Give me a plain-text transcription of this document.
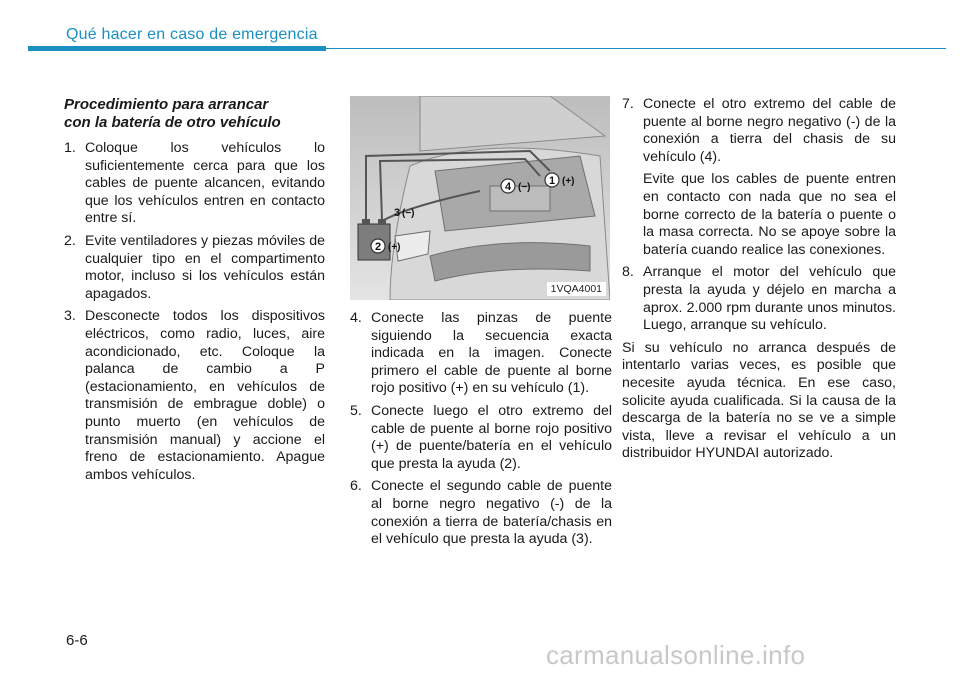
Qué hacer en caso de emergencia
Procedimiento para arrancar
con la batería de otro vehículo
1. Coloque los vehículos lo suficientemente cerca para que los cables de puente alcancen, evitando que los vehículos entren en contacto entre sí.
2. Evite ventiladores y piezas móviles de cualquier tipo en el compartimento motor, incluso si los vehículos están apagados.
3. Desconecte todos los dispositivos eléctricos, como radio, luces, aire acondicionado, etc. Coloque la palanca de cambio a P (estacionamiento, en vehículos de transmisión de embrague doble) o punto muerto (en vehículos de transmisión manual) y accione el freno de estacionamiento. Apague ambos vehículos.
1 (+)
4 (−)
3 (−)
2 (+)
1VQA4001
4. Conecte las pinzas de puente siguiendo la secuencia exacta indicada en la imagen. Conecte primero el cable de puente al borne rojo positivo (+) en su vehículo (1).
5. Conecte luego el otro extremo del cable de puente al borne rojo positivo (+) de puente/batería en el vehículo que presta la ayuda (2).
6. Conecte el segundo cable de puente al borne negro negativo (-) de la conexión a tierra de batería/chasis en el vehículo que presta la ayuda (3).
7. Conecte el otro extremo del cable de puente al borne negro negativo (-) de la conexión a tierra del chasis de su vehículo (4).
Evite que los cables de puente entren en contacto con nada que no sea el borne correcto de la batería o puente o la masa correcta. No se apoye sobre la batería cuando realice las conexiones.
8. Arranque el motor del vehículo que presta la ayuda y déjelo en marcha a aprox. 2.000 rpm durante unos minutos. Luego, arranque su vehículo.
Si su vehículo no arranca después de intentarlo varias veces, es posible que necesite ayuda técnica. En ese caso, solicite ayuda cualificada. Si la causa de la descarga de la batería no se ve a simple vista, lleve a revisar el vehículo a un distribuidor HYUNDAI autorizado.
6-6	carmanualsonline.info
